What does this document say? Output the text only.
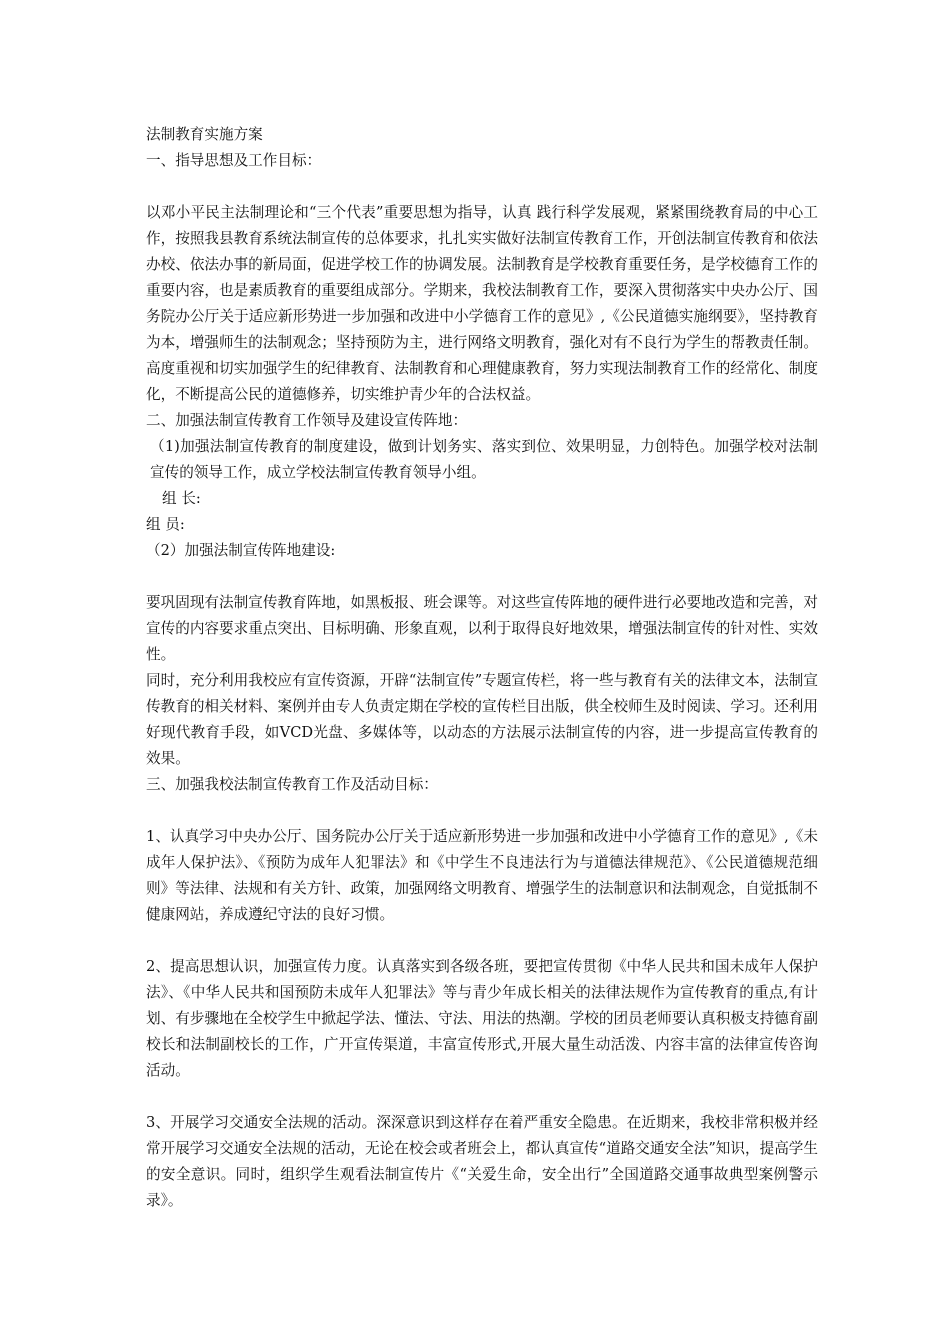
法制教育实施方案

一、指导思想及工作目标：

以邓小平民主法制理论和“三个代表”重要思想为指导，认真 践行科学发展观，紧紧围绕教育局的中心工作，按照我县教育系统法制宣传的总体要求，扎扎实实做好法制宣传教育工作，开创法制宣传教育和依法办校、依法办事的新局面，促进学校工作的协调发展。法制教育是学校教育重要任务，是学校德育工作的重要内容，也是素质教育的重要组成部分。学期来，我校法制教育工作，要深入贯彻落实中央办公厅、国务院办公厅关于适应新形势进一步加强和改进中小学德育工作的意见》,《公民道德实施纲要》，坚持教育为本，增强师生的法制观念；坚持预防为主，进行网络文明教育，强化对有不良行为学生的帮教责任制。高度重视和切实加强学生的纪律教育、法制教育和心理健康教育，努力实现法制教育工作的经常化、制度化，不断提高公民的道德修养，切实维护青少年的合法权益。

二、加强法制宣传教育工作领导及建设宣传阵地：

（1)加强法制宣传教育的制度建设，做到计划务实、落实到位、效果明显，力创特色。加强学校对法制宣传的领导工作，成立学校法制宣传教育领导小组。

组 长:

组 员:

（2）加强法制宣传阵地建设:

要巩固现有法制宣传教育阵地，如黑板报、班会课等。对这些宣传阵地的硬件进行必要地改造和完善，对宣传的内容要求重点突出、目标明确、形象直观，以利于取得良好地效果，增强法制宣传的针对性、实效性。

同时，充分利用我校应有宣传资源，开辟“法制宣传”专题宣传栏，将一些与教育有关的法律文本，法制宣传教育的相关材料、案例并由专人负责定期在学校的宣传栏目出版，供全校师生及时阅读、学习。还利用好现代教育手段，如VCD光盘、多媒体等，以动态的方法展示法制宣传的内容，进一步提高宣传教育的效果。

三、加强我校法制宣传教育工作及活动目标：

1、认真学习中央办公厅、国务院办公厅关于适应新形势进一步加强和改进中小学德育工作的意见》,《未成年人保护法》、《预防为成年人犯罪法》和《中学生不良违法行为与道德法律规范》、《公民道德规范细则》等法律、法规和有关方针、政策，加强网络文明教育、增强学生的法制意识和法制观念，自觉抵制不健康网站，养成遵纪守法的良好习惯。

2、提高思想认识，加强宣传力度。认真落实到各级各班，要把宣传贯彻《中华人民共和国未成年人保护法》、《中华人民共和国预防未成年人犯罪法》等与青少年成长相关的法律法规作为宣传教育的重点,有计划、有步骤地在全校学生中掀起学法、懂法、守法、用法的热潮。学校的团员老师要认真积极支持德育副校长和法制副校长的工作，广开宣传渠道，丰富宣传形式,开展大量生动活泼、内容丰富的法律宣传咨询活动。

3、开展学习交通安全法规的活动。深深意识到这样存在着严重安全隐患。在近期来，我校非常积极并经常开展学习交通安全法规的活动，无论在校会或者班会上，都认真宣传“道路交通安全法”知识，提高学生的安全意识。同时，组织学生观看法制宣传片《“关爱生命，安全出行”全国道路交通事故典型案例警示录》。
